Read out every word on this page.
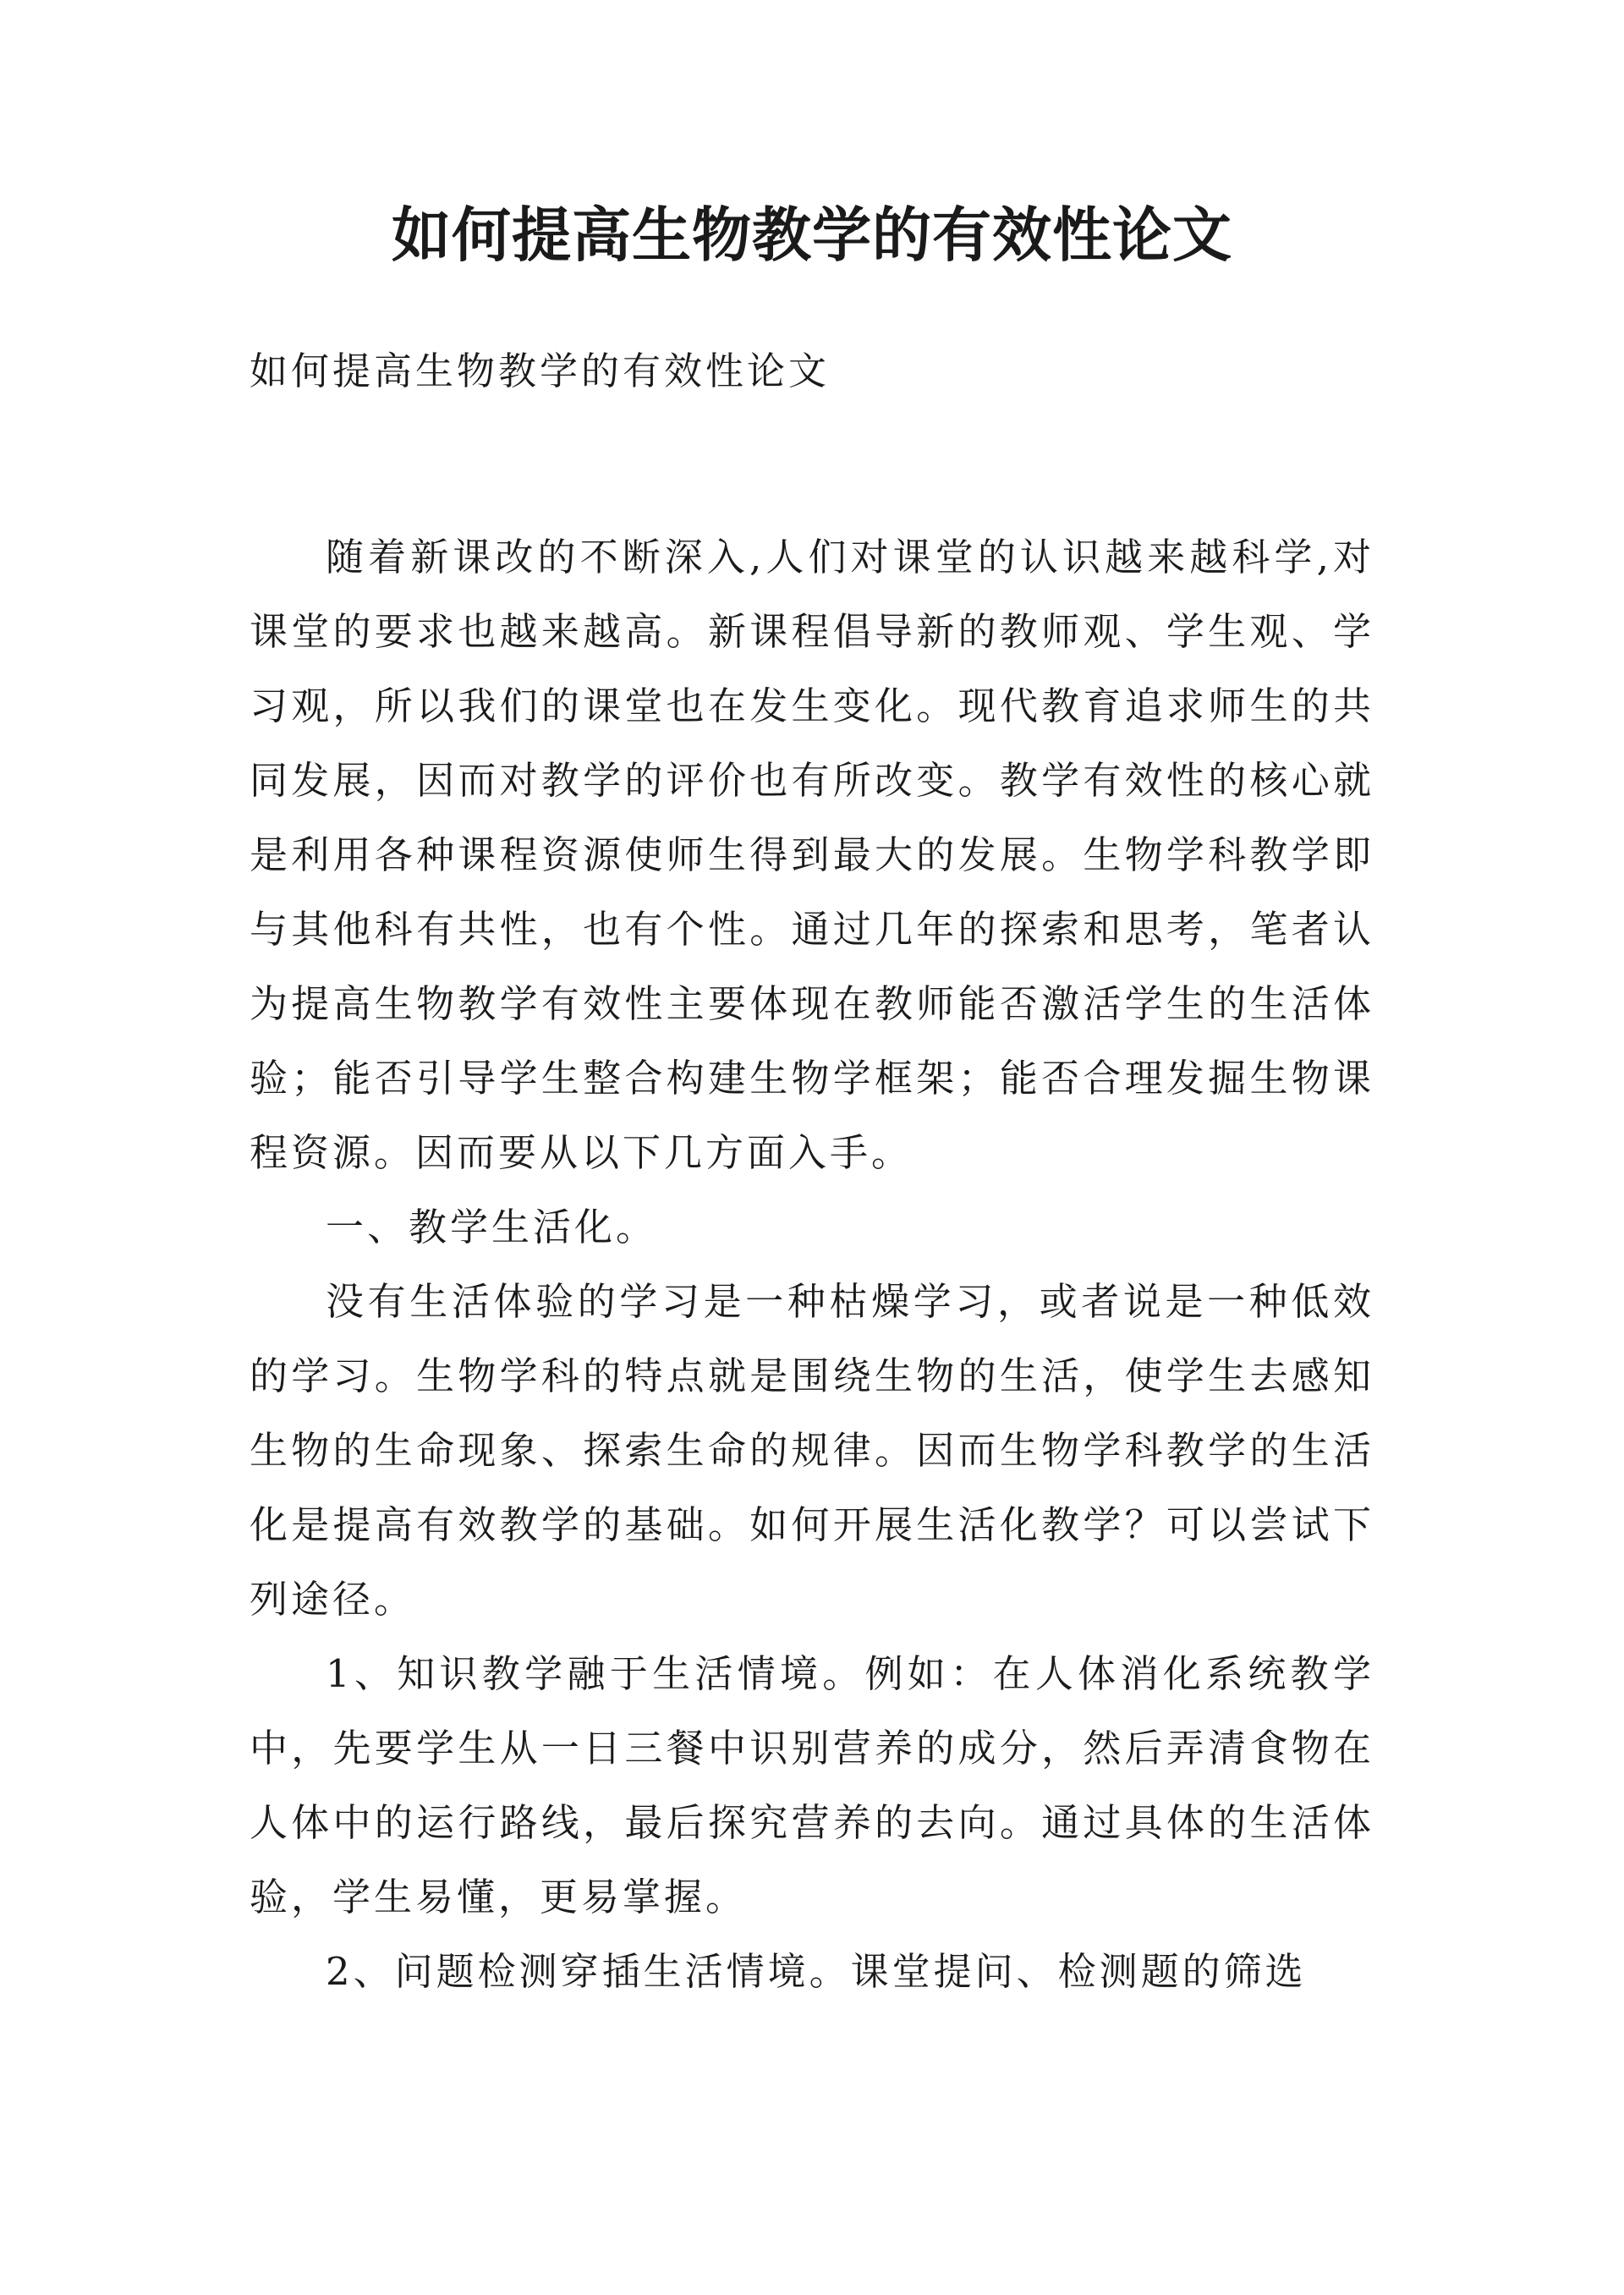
如何提高生物教学的有效性论文

如何提高生物教学的有效性论文

随着新课改的不断深入,人们对课堂的认识越来越科学,对课堂的要求也越来越高。新课程倡导新的教师观、学生观、学习观，所以我们的课堂也在发生变化。现代教育追求师生的共同发展，因而对教学的评价也有所改变。教学有效性的核心就是利用各种课程资源使师生得到最大的发展。生物学科教学即与其他科有共性，也有个性。通过几年的探索和思考，笔者认为提高生物教学有效性主要体现在教师能否激活学生的生活体验；能否引导学生整合构建生物学框架；能否合理发掘生物课程资源。因而要从以下几方面入手。

一、教学生活化。

没有生活体验的学习是一种枯燥学习，或者说是一种低效的学习。生物学科的特点就是围绕生物的生活，使学生去感知生物的生命现象、探索生命的规律。因而生物学科教学的生活化是提高有效教学的基础。如何开展生活化教学？可以尝试下列途径。

1、知识教学融于生活情境。例如：在人体消化系统教学中，先要学生从一日三餐中识别营养的成分，然后弄清食物在人体中的运行路线，最后探究营养的去向。通过具体的生活体验，学生易懂，更易掌握。

2、问题检测穿插生活情境。课堂提问、检测题的筛选
